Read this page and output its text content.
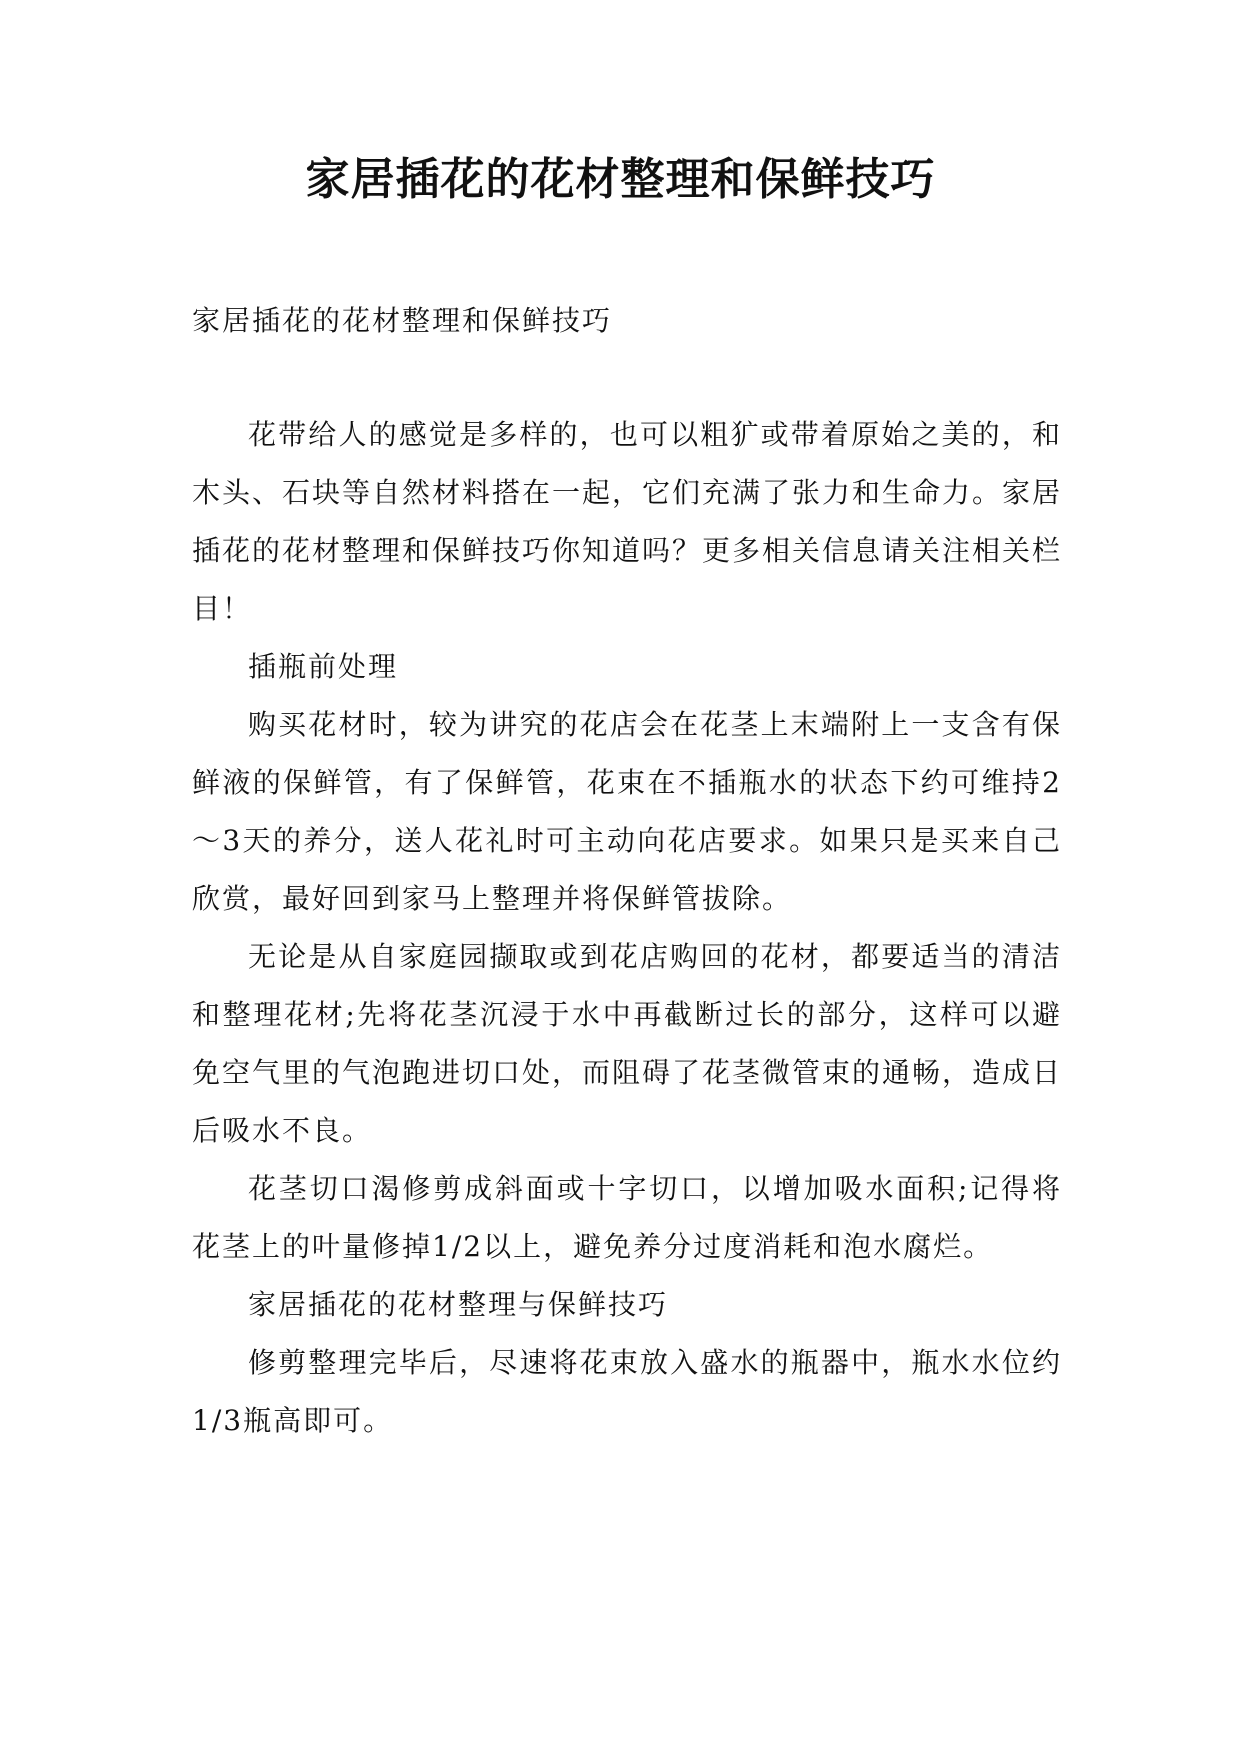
家居插花的花材整理和保鲜技巧
家居插花的花材整理和保鲜技巧

花带给人的感觉是多样的，也可以粗犷或带着原始之美的，和木头、石块等自然材料搭在一起，它们充满了张力和生命力。家居插花的花材整理和保鲜技巧你知道吗？更多相关信息请关注相关栏目！

插瓶前处理

购买花材时，较为讲究的花店会在花茎上末端附上一支含有保鲜液的保鲜管，有了保鲜管，花束在不插瓶水的状态下约可维持2～3天的养分，送人花礼时可主动向花店要求。如果只是买来自己欣赏，最好回到家马上整理并将保鲜管拔除。

无论是从自家庭园撷取或到花店购回的花材，都要适当的清洁和整理花材;先将花茎沉浸于水中再截断过长的部分，这样可以避免空气里的气泡跑进切口处，而阻碍了花茎微管束的通畅，造成日后吸水不良。

花茎切口渴修剪成斜面或十字切口，以增加吸水面积;记得将花茎上的叶量修掉1/2以上，避免养分过度消耗和泡水腐烂。

家居插花的花材整理与保鲜技巧

修剪整理完毕后，尽速将花束放入盛水的瓶器中，瓶水水位约1/3瓶高即可。
